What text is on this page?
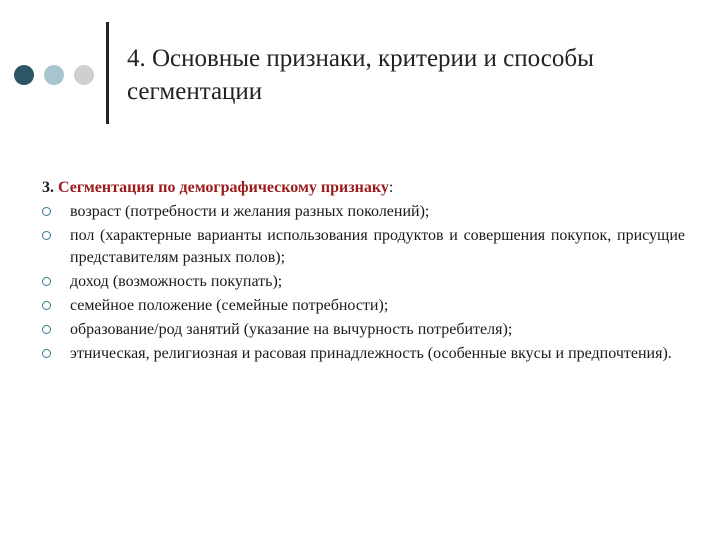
4. Основные признаки, критерии и способы сегментации

3. Сегментация по демографическому признаку:

возраст (потребности и желания разных поколений);
пол (характерные варианты использования продуктов и совершения покупок, присущие представителям разных полов);
доход (возможность покупать);
семейное положение (семейные потребности);
образование/род занятий (указание на вычурность потребителя);
этническая, религиозная и расовая принадлежность (особенные вкусы и предпочтения).
